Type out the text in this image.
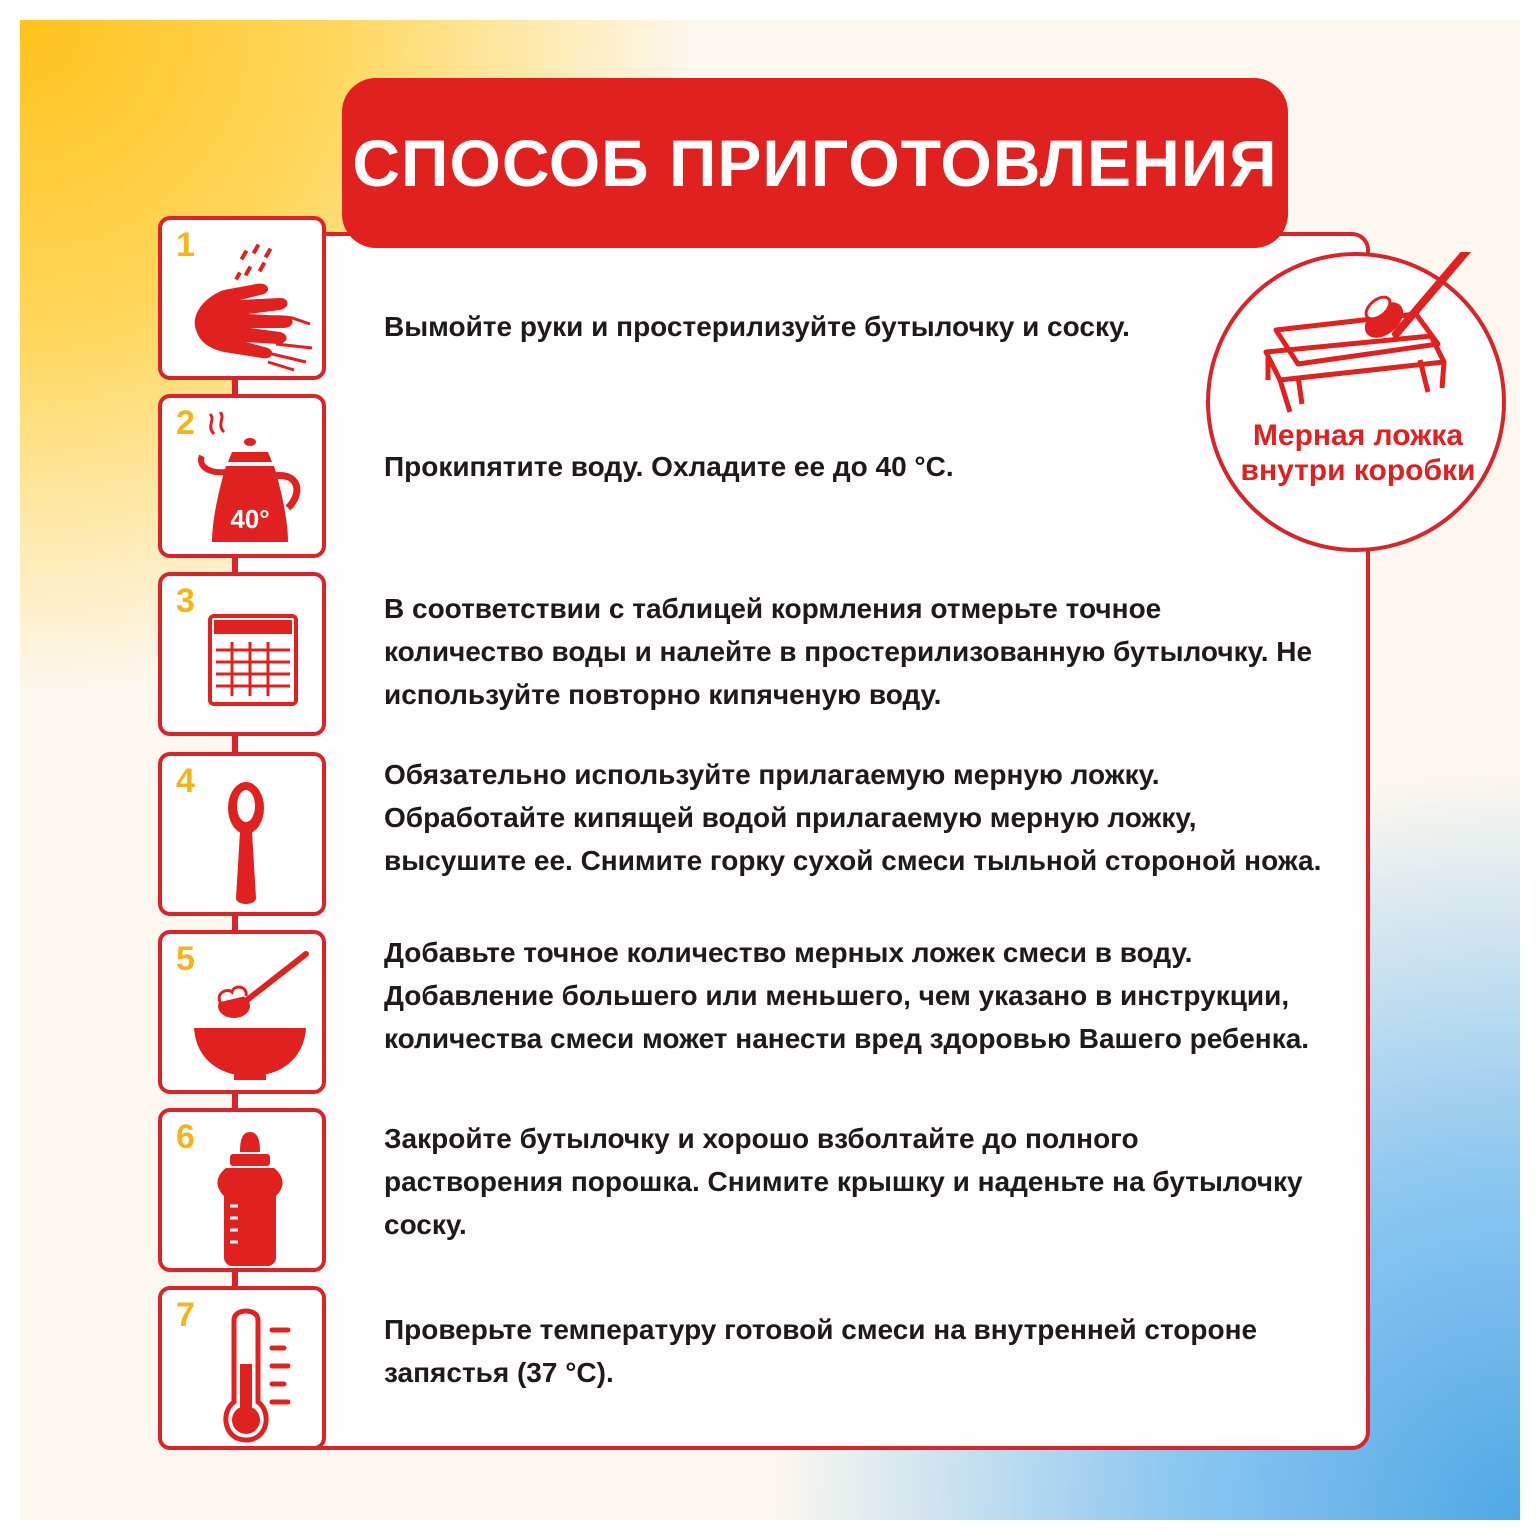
СПОСОБ ПРИГОТОВЛЕНИЯ
Мерная ложка внутри коробки
1
Вымойте руки и простерилизуйте бутылочку и соску.
40°
2
Прокипятите воду. Охладите ее до 40 °С.
3	В соответствии с таблицей кормления отмерьте точное количество воды и налейте в простерилизованную бутылочку. Не используйте повторно кипяченую воду.
4	Обязательно используйте прилагаемую мерную ложку. Обработайте кипящей водой прилагаемую мерную ложку, высушите ее. Снимите горку сухой смеси тыльной стороной ножа.
5	Добавьте точное количество мерных ложек смеси в воду. Добавление большего или меньшего, чем указано в инструкции, количества смеси может нанести вред здоровью Вашего ребенка.
6	Закройте бутылочку и хорошо взболтайте до полного растворения порошка. Снимите крышку и наденьте на бутылочку соску.
7	Проверьте температуру готовой смеси на внутренней стороне запястья (37 °С).
